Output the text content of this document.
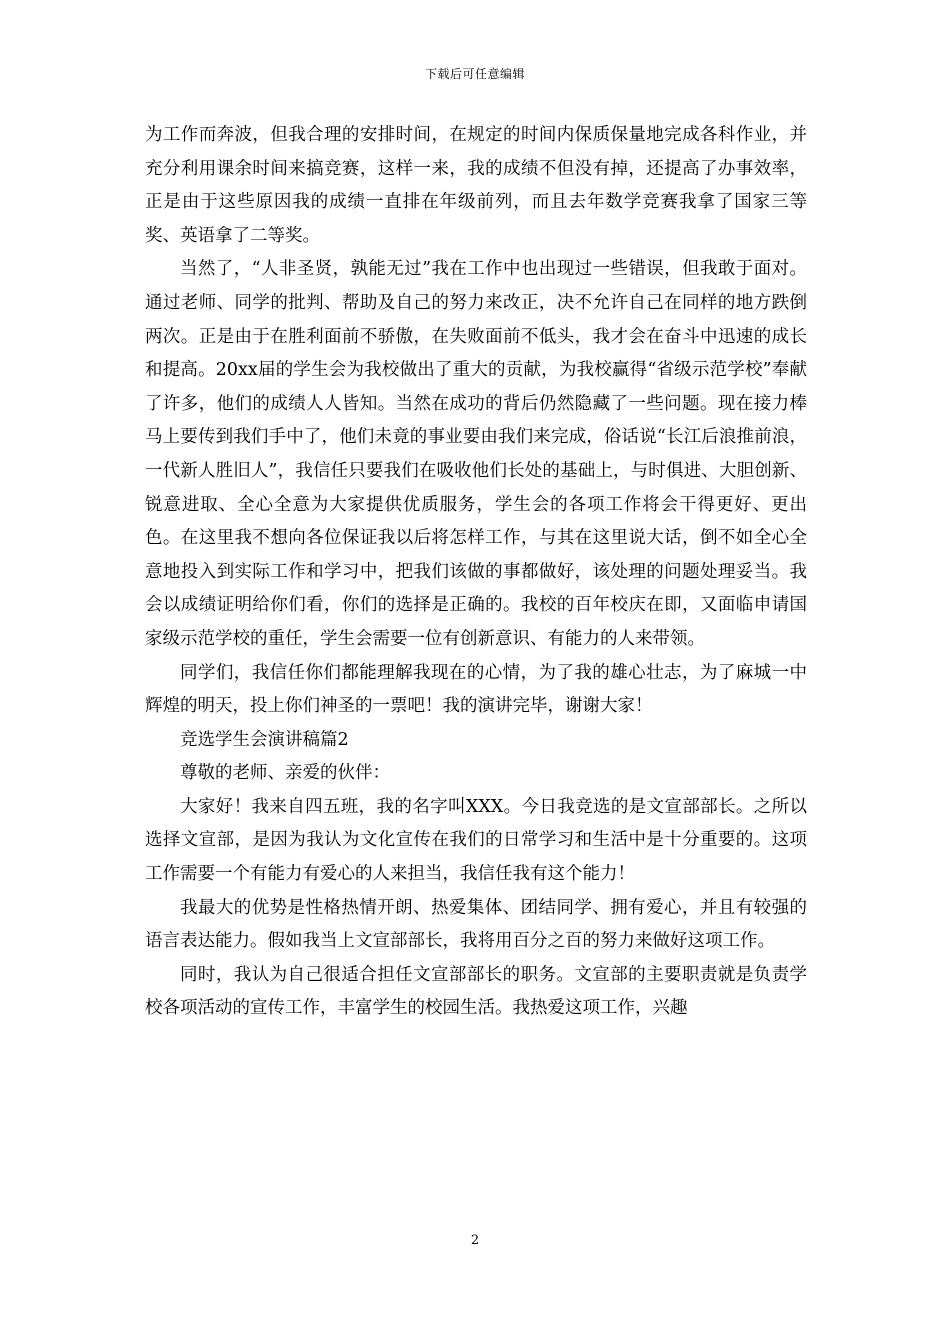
下载后可任意编辑

为工作而奔波，但我合理的安排时间，在规定的时间内保质保量地完成各科作业，并充分利用课余时间来搞竞赛，这样一来，我的成绩不但没有掉，还提高了办事效率，正是由于这些原因我的成绩一直排在年级前列，而且去年数学竞赛我拿了国家三等奖、英语拿了二等奖。

当然了，“人非圣贤，孰能无过”我在工作中也出现过一些错误，但我敢于面对。通过老师、同学的批判、帮助及自己的努力来改正，决不允许自己在同样的地方跌倒两次。正是由于在胜利面前不骄傲，在失败面前不低头，我才会在奋斗中迅速的成长和提高。20xx届的学生会为我校做出了重大的贡献，为我校赢得“省级示范学校”奉献了许多，他们的成绩人人皆知。当然在成功的背后仍然隐藏了一些问题。现在接力棒马上要传到我们手中了，他们未竟的事业要由我们来完成，俗话说“长江后浪推前浪，一代新人胜旧人”，我信任只要我们在吸收他们长处的基础上，与时俱进、大胆创新、锐意进取、全心全意为大家提供优质服务，学生会的各项工作将会干得更好、更出色。在这里我不想向各位保证我以后将怎样工作，与其在这里说大话，倒不如全心全意地投入到实际工作和学习中，把我们该做的事都做好，该处理的问题处理妥当。我会以成绩证明给你们看，你们的选择是正确的。我校的百年校庆在即，又面临申请国家级示范学校的重任，学生会需要一位有创新意识、有能力的人来带领。

同学们，我信任你们都能理解我现在的心情，为了我的雄心壮志，为了麻城一中辉煌的明天，投上你们神圣的一票吧！我的演讲完毕，谢谢大家！

竞选学生会演讲稿篇2

尊敬的老师、亲爱的伙伴：

大家好！我来自四五班，我的名字叫XXX。今日我竞选的是文宣部部长。之所以选择文宣部，是因为我认为文化宣传在我们的日常学习和生活中是十分重要的。这项工作需要一个有能力有爱心的人来担当，我信任我有这个能力！

我最大的优势是性格热情开朗、热爱集体、团结同学、拥有爱心，并且有较强的语言表达能力。假如我当上文宣部部长，我将用百分之百的努力来做好这项工作。

同时，我认为自己很适合担任文宣部部长的职务。文宣部的主要职责就是负责学校各项活动的宣传工作，丰富学生的校园生活。我热爱这项工作，兴趣

2
